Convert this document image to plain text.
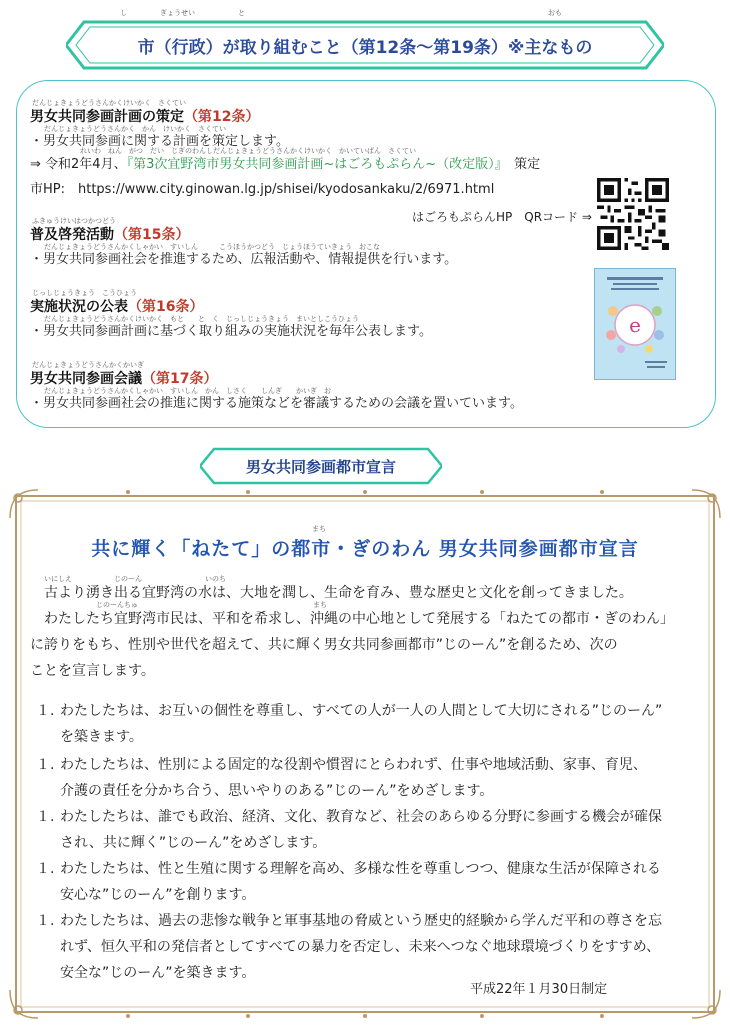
し	ぎょうせい	と	おも
市（行政）が取り組むこと（第12条～第19条）※主なもの
だんじょきょうどうさんかくけいかく　さくてい
男女共同参画計画の策定（第12条）
だんじょきょうどうさんかく　かん　けいかく　さくてい
・男女共同参画に関する計画を策定します。
れいわ　ねん　がつ　だい　じぎのわんしだんじょきょうどうさんかくけいかく　かいていばん　さくてい
⇒ 令和2年4月、『第3次宜野湾市男女共同参画計画~はごろもぷらん~（改定版）』　 策定
市HP:　https://www.city.ginowan.lg.jp/shisei/kyodosankaku/2/6971.html
はごろもぷらんHP　QRコード ⇒
ふきゅうけいはつかつどう
普及啓発活動（第15条）
だんじょきょうどうさんかくしゃかい　すいしん　　　こうほうかつどう　じょうほうていきょう　おこな
・男女共同参画社会を推進するため、広報活動や、情報提供を行います。
じっしじょうきょう　こうひょう
実施状況の公表（第16条）
だんじょきょうどうさんかくけいかく　もと　　と　く　じっしじょうきょう　まいとしこうひょう
・男女共同参画計画に基づく取り組みの実施状況を毎年公表します。
だんじょきょうどうさんかくかいぎ
男女共同参画会議（第17条）
だんじょきょうどうさんかくしゃかい　すいしん　かん　しさく　　しんぎ　　かいぎ　お
・男女共同参画社会の推進に関する施策などを審議するための会議を置いています。
e
男女共同参画都市宣言
まち
共に輝く「ねたて」の都市・ぎのわん 男女共同参画都市宣言
いにしえ　　　　　　じのーん　　　　　　　　　いのち
　古より湧き出る宜野湾の水は、大地を潤し、生命を育み、豊な歴史と文化を創ってきました。
じのーんちゅ　　　　　　　　　　　　　　　　　　　　　　　　　まち
　わたしたち宜野湾市民は、平和を希求し、沖縄の中心地として発展する「ねたての都市・ぎのわん」
に誇りをもち、性別や世代を超えて、共に輝く男女共同参画都市”じのーん”を創るため、次の
ことを宣言します。
１. わたしたちは、お互いの個性を尊重し、すべての人が一人の人間として大切にされる”じのーん”
を築きます。
１. わたしたちは、性別による固定的な役割や慣習にとらわれず、仕事や地域活動、家事、育児、
介護の責任を分かち合う、思いやりのある”じのーん”をめざします。
１. わたしたちは、誰でも政治、経済、文化、教育など、社会のあらゆる分野に参画する機会が確保
され、共に輝く”じのーん”をめざします。
１. わたしたちは、性と生殖に関する理解を高め、多様な性を尊重しつつ、健康な生活が保障される
安心な”じのーん”を創ります。
１. わたしたちは、過去の悲惨な戦争と軍事基地の脅威という歴史的経験から学んだ平和の尊さを忘
れず、恒久平和の発信者としてすべての暴力を否定し、未来へつなぐ地球環境づくりをすすめ、
安全な”じのーん”を築きます。
平成22年１月30日制定
